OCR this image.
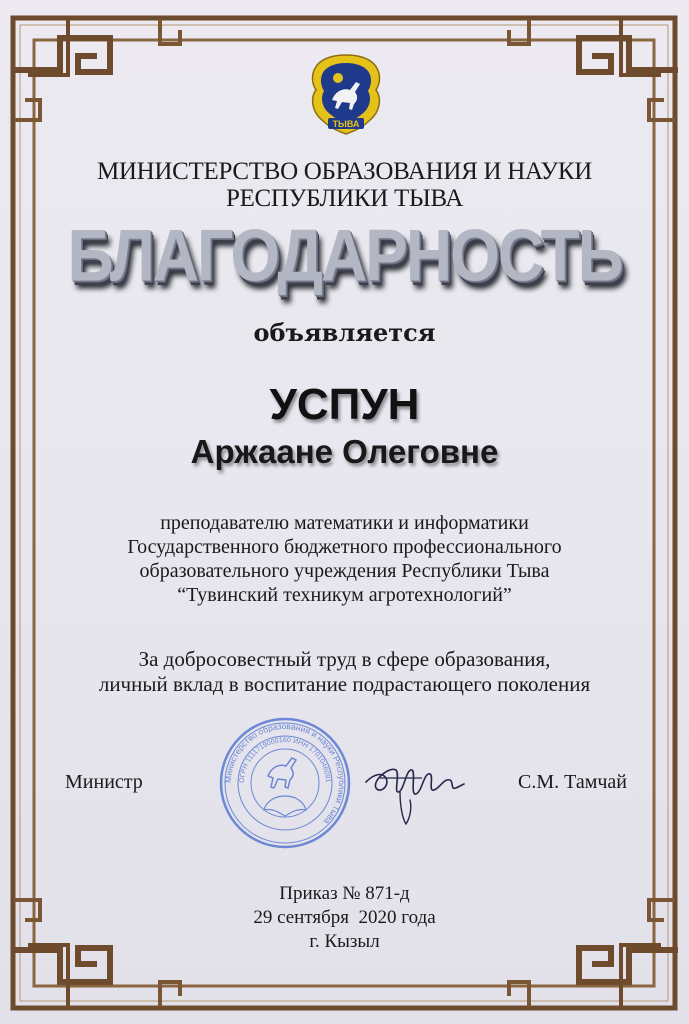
ТЫВА
МИНИСТЕРСТВО ОБРАЗОВАНИЯ И НАУКИ
РЕСПУБЛИКИ ТЫВА
БЛАГОДАРНОСТЬ
объявляется
УСПУН
Аржаане Олеговне
преподавателю математики и информатики
Государственного бюджетного профессионального
образовательного учреждения Республики Тыва
“Тувинский техникум агротехнологий”
За добросовестный труд в сфере образования,
личный вклад в воспитание подрастающего поколения
Министерство образования и науки Республики Тыва
ОГРН 1111719000160 ИНН 1701046091
Министр	С.М. Тамчай
Приказ № 871-д
29 сентября  2020 года
г. Кызыл
